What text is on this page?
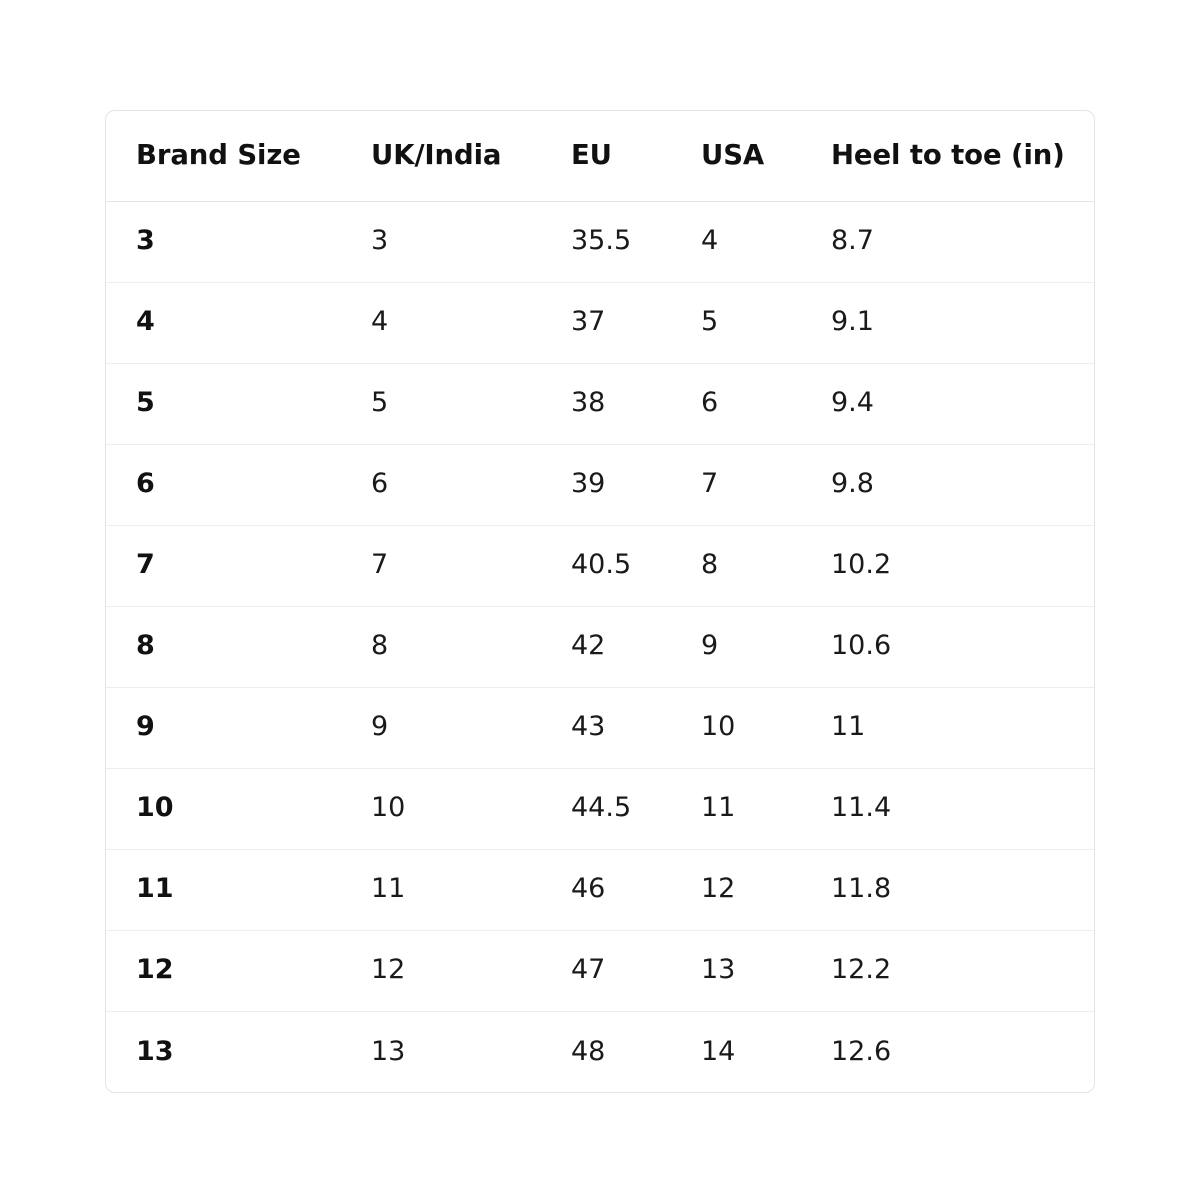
Brand Size	UK/India	EU	USA	Heel to toe (in)
3	3	35.5	4	8.7
4	4	37	5	9.1
5	5	38	6	9.4
6	6	39	7	9.8
7	7	40.5	8	10.2
8	8	42	9	10.6
9	9	43	10	11
10	10	44.5	11	11.4
11	11	46	12	11.8
12	12	47	13	12.2
13	13	48	14	12.6
